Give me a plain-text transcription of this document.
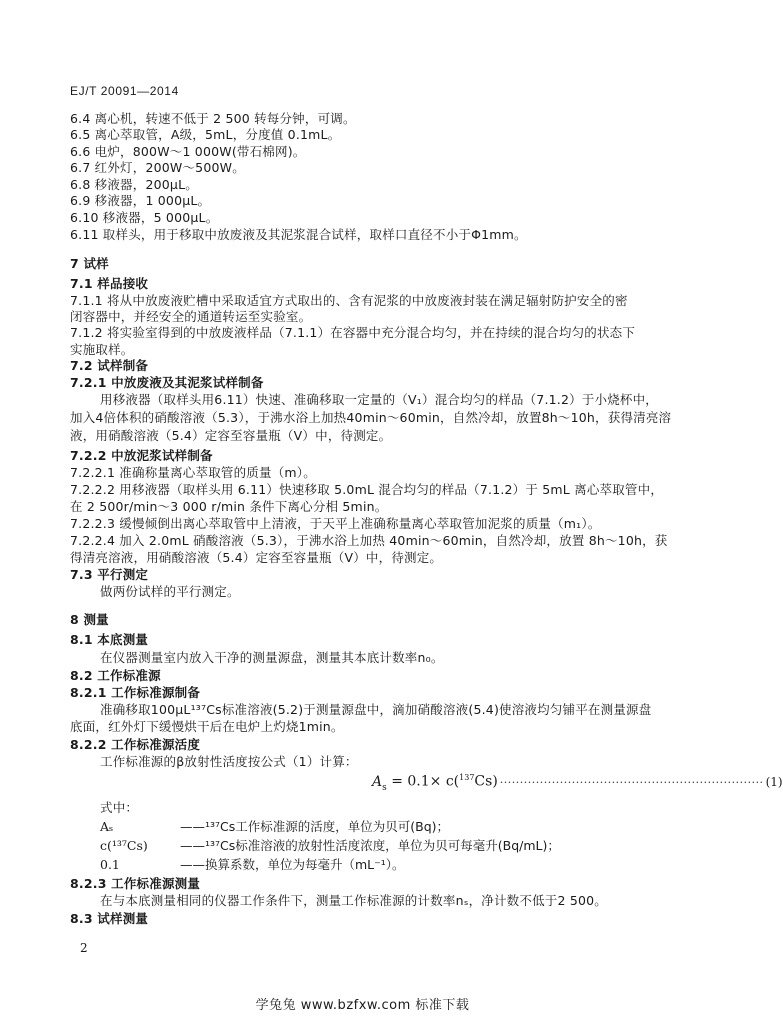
EJ/T 20091—2014
6.4 离心机，转速不低于 2 500 转每分钟，可调。
6.5 离心萃取管，A级，5mL，分度值 0.1mL。
6.6 电炉，800W～1 000W(带石棉网)。
6.7 红外灯，200W～500W。
6.8 移液器，200μL。
6.9 移液器，1 000μL。
6.10 移液器，5 000μL。
6.11 取样头，用于移取中放废液及其泥浆混合试样，取样口直径不小于Φ1mm。
7 试样
7.1 样品接收
7.1.1 将从中放废液贮槽中采取适宜方式取出的、含有泥浆的中放废液封装在满足辐射防护安全的密
闭容器中，并经安全的通道转运至实验室。
7.1.2 将实验室得到的中放废液样品（7.1.1）在容器中充分混合均匀，并在持续的混合均匀的状态下
实施取样。
7.2 试样制备
7.2.1 中放废液及其泥浆试样制备
用移液器（取样头用6.11）快速、准确移取一定量的（V₁）混合均匀的样品（7.1.2）于小烧杯中，
加入4倍体积的硝酸溶液（5.3），于沸水浴上加热40min～60min，自然冷却，放置8h～10h，获得清亮溶
液，用硝酸溶液（5.4）定容至容量瓶（V）中，待测定。
7.2.2 中放泥浆试样制备
7.2.2.1 准确称量离心萃取管的质量（m）。
7.2.2.2 用移液器（取样头用 6.11）快速移取 5.0mL 混合均匀的样品（7.1.2）于 5mL 离心萃取管中，
在 2 500r/min～3 000 r/min 条件下离心分相 5min。
7.2.2.3 缓慢倾倒出离心萃取管中上清液，于天平上准确称量离心萃取管加泥浆的质量（m₁）。
7.2.2.4 加入 2.0mL 硝酸溶液（5.3），于沸水浴上加热 40min～60min，自然冷却，放置 8h～10h，获
得清亮溶液，用硝酸溶液（5.4）定容至容量瓶（V）中，待测定。
7.3 平行测定
做两份试样的平行测定。
8 测量
8.1 本底测量
在仪器测量室内放入干净的测量源盘，测量其本底计数率n₀。
8.2 工作标准源
8.2.1 工作标准源制备
准确移取100μL¹³⁷Cs标准溶液(5.2)于测量源盘中，滴加硝酸溶液(5.4)使溶液均匀铺平在测量源盘
底面，红外灯下缓慢烘干后在电炉上灼烧1min。
8.2.2 工作标准源活度
工作标准源的β放射性活度按公式（1）计算：
$A_s = 0.1\times c(^{137}Cs)$ ·································································· (1)
式中：
Aₛ	——¹³⁷Cs工作标准源的活度，单位为贝可(Bq)；
c(¹³⁷Cs)	——¹³⁷Cs标准溶液的放射性活度浓度，单位为贝可每毫升(Bq/mL)；
0.1	——换算系数，单位为每毫升（mL⁻¹）。
8.2.3 工作标准源测量
在与本底测量相同的仪器工作条件下，测量工作标准源的计数率nₛ，净计数不低于2 500。
8.3 试样测量
2
学兔兔 www.bzfxw.com 标准下载
